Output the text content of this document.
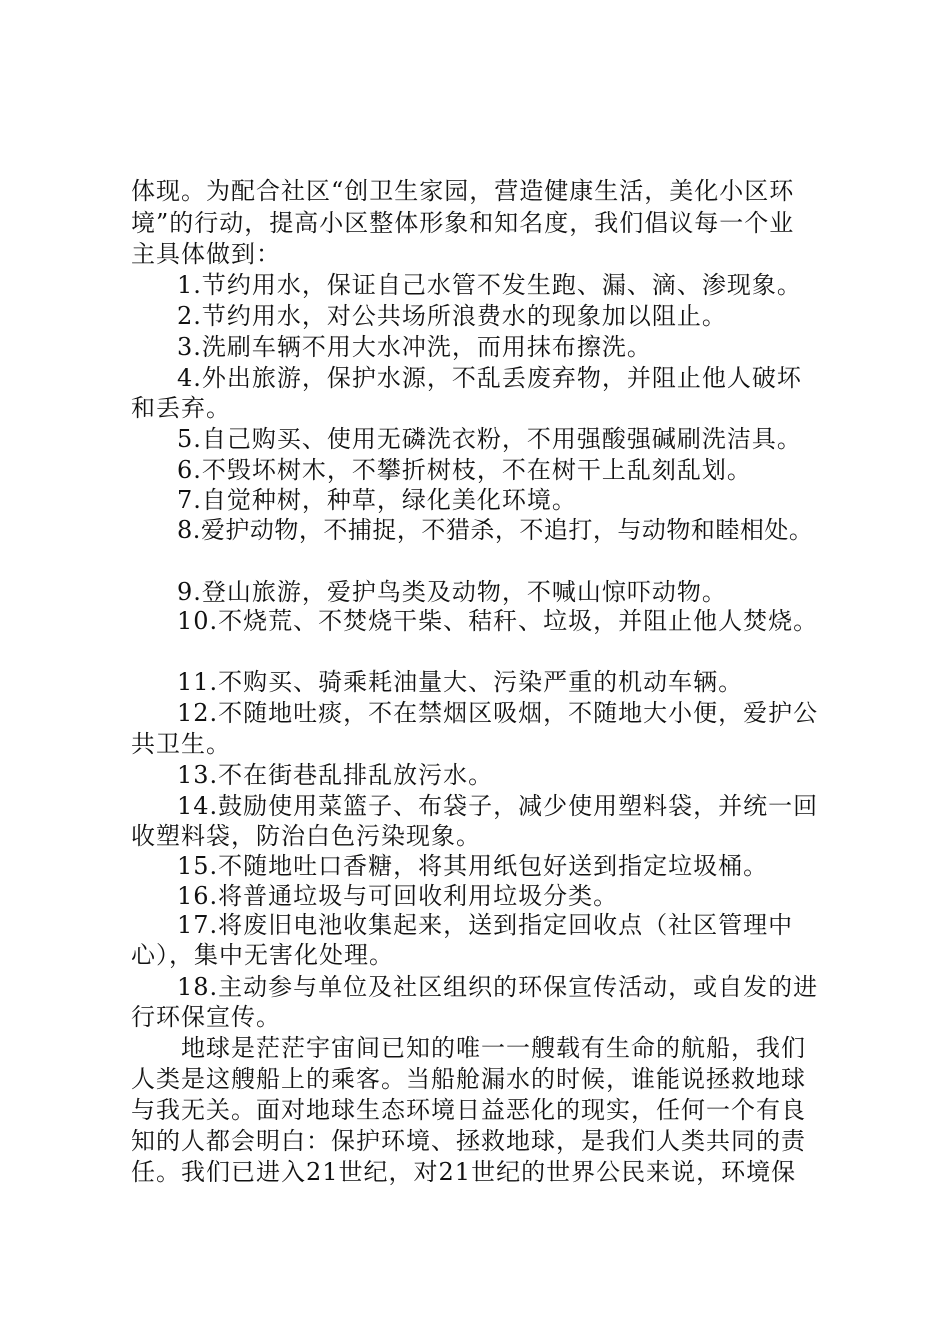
体现。为配合社区“创卫生家园，营造健康生活，美化小区环
境”的行动，提高小区整体形象和知名度，我们倡议每一个业
主具体做到：
1.节约用水，保证自己水管不发生跑、漏、滴、渗现象。
2.节约用水，对公共场所浪费水的现象加以阻止。
3.洗刷车辆不用大水冲洗，而用抹布擦洗。
4.外出旅游，保护水源，不乱丢废弃物，并阻止他人破坏
和丢弃。
5.自己购买、使用无磷洗衣粉，不用强酸强碱刷洗洁具。
6.不毁坏树木，不攀折树枝，不在树干上乱刻乱划。
7.自觉种树，种草，绿化美化环境。
8.爱护动物，不捕捉，不猎杀，不追打，与动物和睦相处。
9.登山旅游，爱护鸟类及动物，不喊山惊吓动物。
10.不烧荒、不焚烧干柴、秸秆、垃圾，并阻止他人焚烧。
11.不购买、骑乘耗油量大、污染严重的机动车辆。
12.不随地吐痰，不在禁烟区吸烟，不随地大小便，爱护公
共卫生。
13.不在街巷乱排乱放污水。
14.鼓励使用菜篮子、布袋子，减少使用塑料袋，并统一回
收塑料袋，防治白色污染现象。
15.不随地吐口香糖，将其用纸包好送到指定垃圾桶。
16.将普通垃圾与可回收利用垃圾分类。
17.将废旧电池收集起来，送到指定回收点（社区管理中
心），集中无害化处理。
18.主动参与单位及社区组织的环保宣传活动，或自发的进
行环保宣传。
地球是茫茫宇宙间已知的唯一一艘载有生命的航船，我们
人类是这艘船上的乘客。当船舱漏水的时候，谁能说拯救地球
与我无关。面对地球生态环境日益恶化的现实，任何一个有良
知的人都会明白：保护环境、拯救地球，是我们人类共同的责
任。我们已进入21世纪，对21世纪的世界公民来说，环境保
